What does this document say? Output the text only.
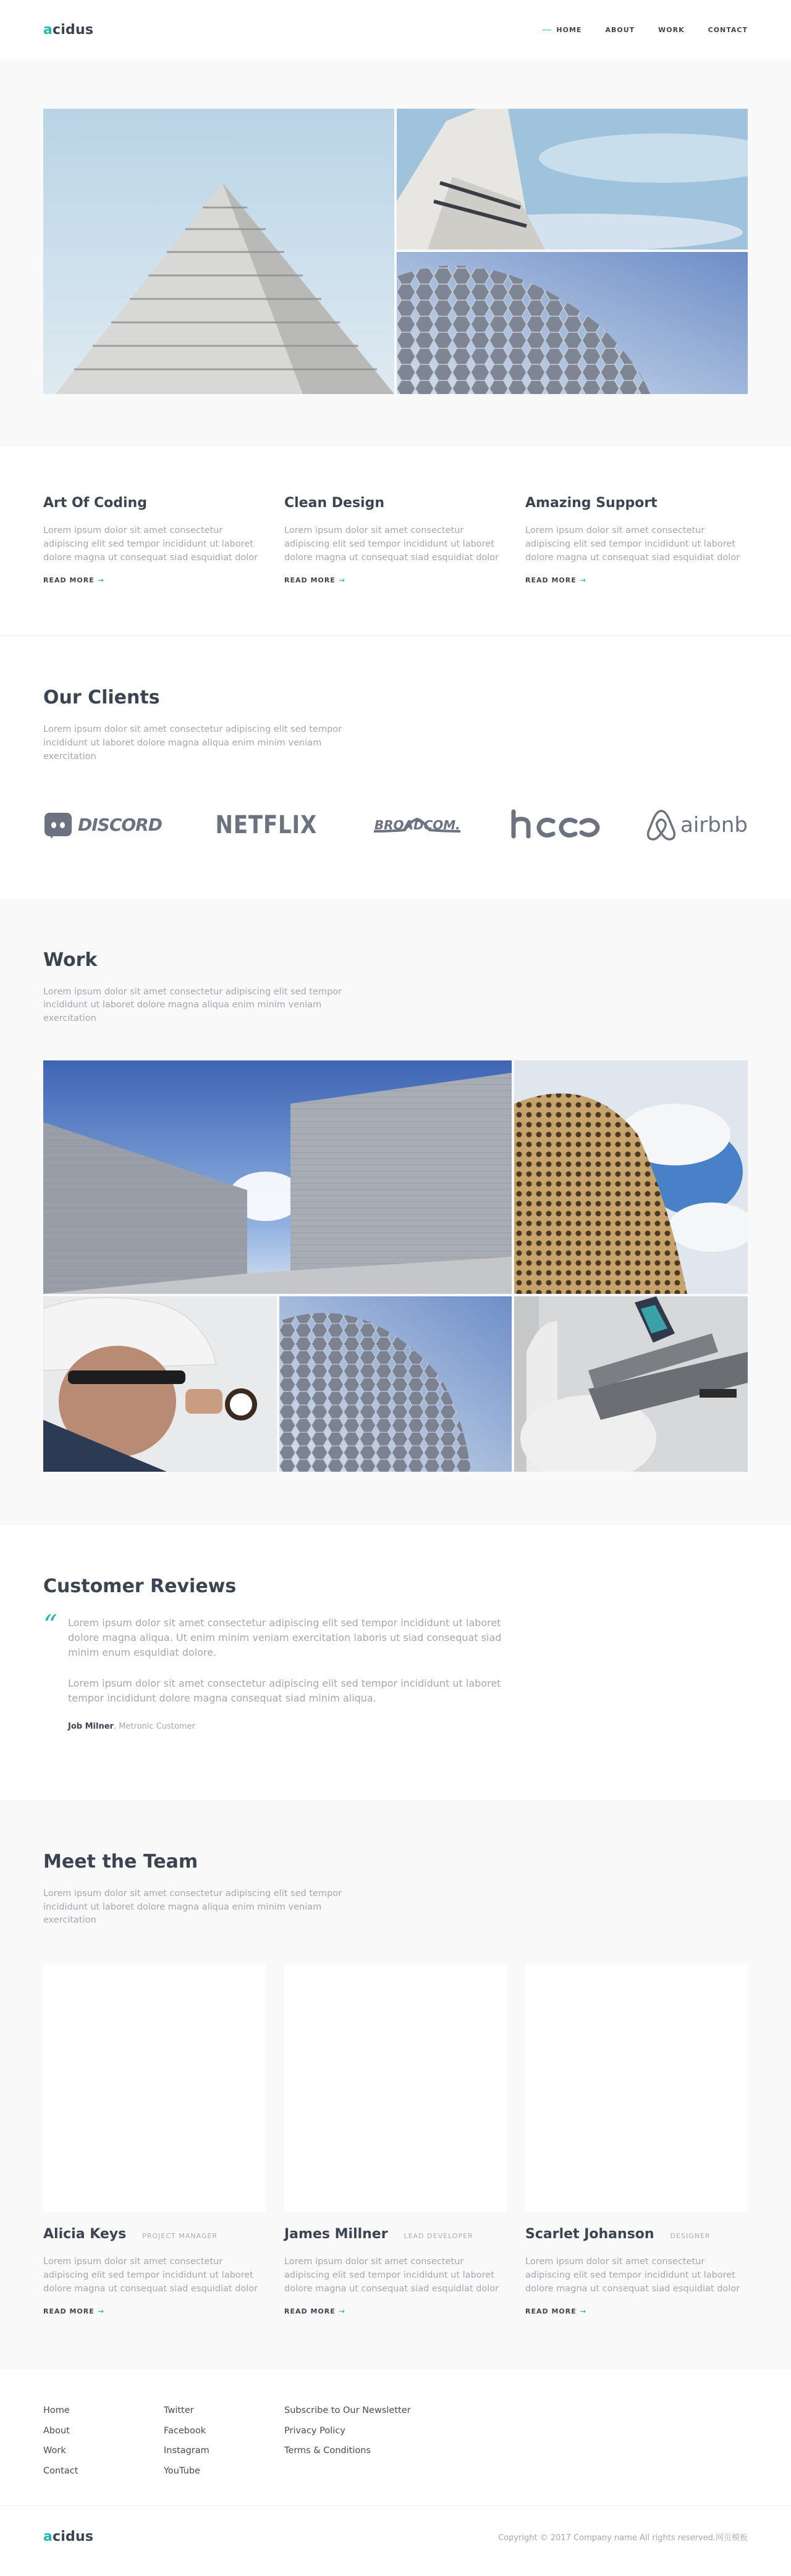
acidus	HOME	ABOUT	WORK	CONTACT
Art Of Coding

Lorem ipsum dolor sit amet consectetur adipiscing elit sed tempor incididunt ut laboret dolore magna ut consequat siad esquidiat dolor

READ MORE →
Clean Design

Lorem ipsum dolor sit amet consectetur adipiscing elit sed tempor incididunt ut laboret dolore magna ut consequat siad esquidiat dolor

READ MORE →
Amazing Support

Lorem ipsum dolor sit amet consectetur adipiscing elit sed tempor incididunt ut laboret dolore magna ut consequat siad esquidiat dolor

READ MORE →
Our Clients

Lorem ipsum dolor sit amet consectetur adipiscing elit sed tempor incididunt ut laboret dolore magna aliqua enim minim veniam exercitation

DISCORD NETFLIX	BROADCOM.	airbnb
Work

Lorem ipsum dolor sit amet consectetur adipiscing elit sed tempor incididunt ut laboret dolore magna aliqua enim minim veniam exercitation

Customer Reviews
“ Lorem ipsum dolor sit amet consectetur adipiscing elit sed tempor incididunt ut laboret dolore magna aliqua. Ut enim minim veniam exercitation laboris ut siad consequat siad minim enum esquidiat dolore.

Lorem ipsum dolor sit amet consectetur adipiscing elit sed tempor incididunt ut laboret tempor incididunt dolore magna consequat siad minim aliqua.

Job Milner, Metronic Customer
Meet the Team

Lorem ipsum dolor sit amet consectetur adipiscing elit sed tempor incididunt ut laboret dolore magna aliqua enim minim veniam exercitation

Alicia Keys PROJECT MANAGER

Lorem ipsum dolor sit amet consectetur adipiscing elit sed tempor incididunt ut laboret dolore magna ut consequat siad esquidiat dolor

READ MORE →
James Millner LEAD DEVELOPER

Lorem ipsum dolor sit amet consectetur adipiscing elit sed tempor incididunt ut laboret dolore magna ut consequat siad esquidiat dolor

READ MORE →
Scarlet Johanson DESIGNER

Lorem ipsum dolor sit amet consectetur adipiscing elit sed tempor incididunt ut laboret dolore magna ut consequat siad esquidiat dolor

READ MORE →
Home
About
Work
Contact
Twitter
Facebook
Instagram
YouTube
Subscribe to Our Newsletter
Privacy Policy
Terms & Conditions
acidus	Copyright © 2017 Company name All rights reserved.网页模板
